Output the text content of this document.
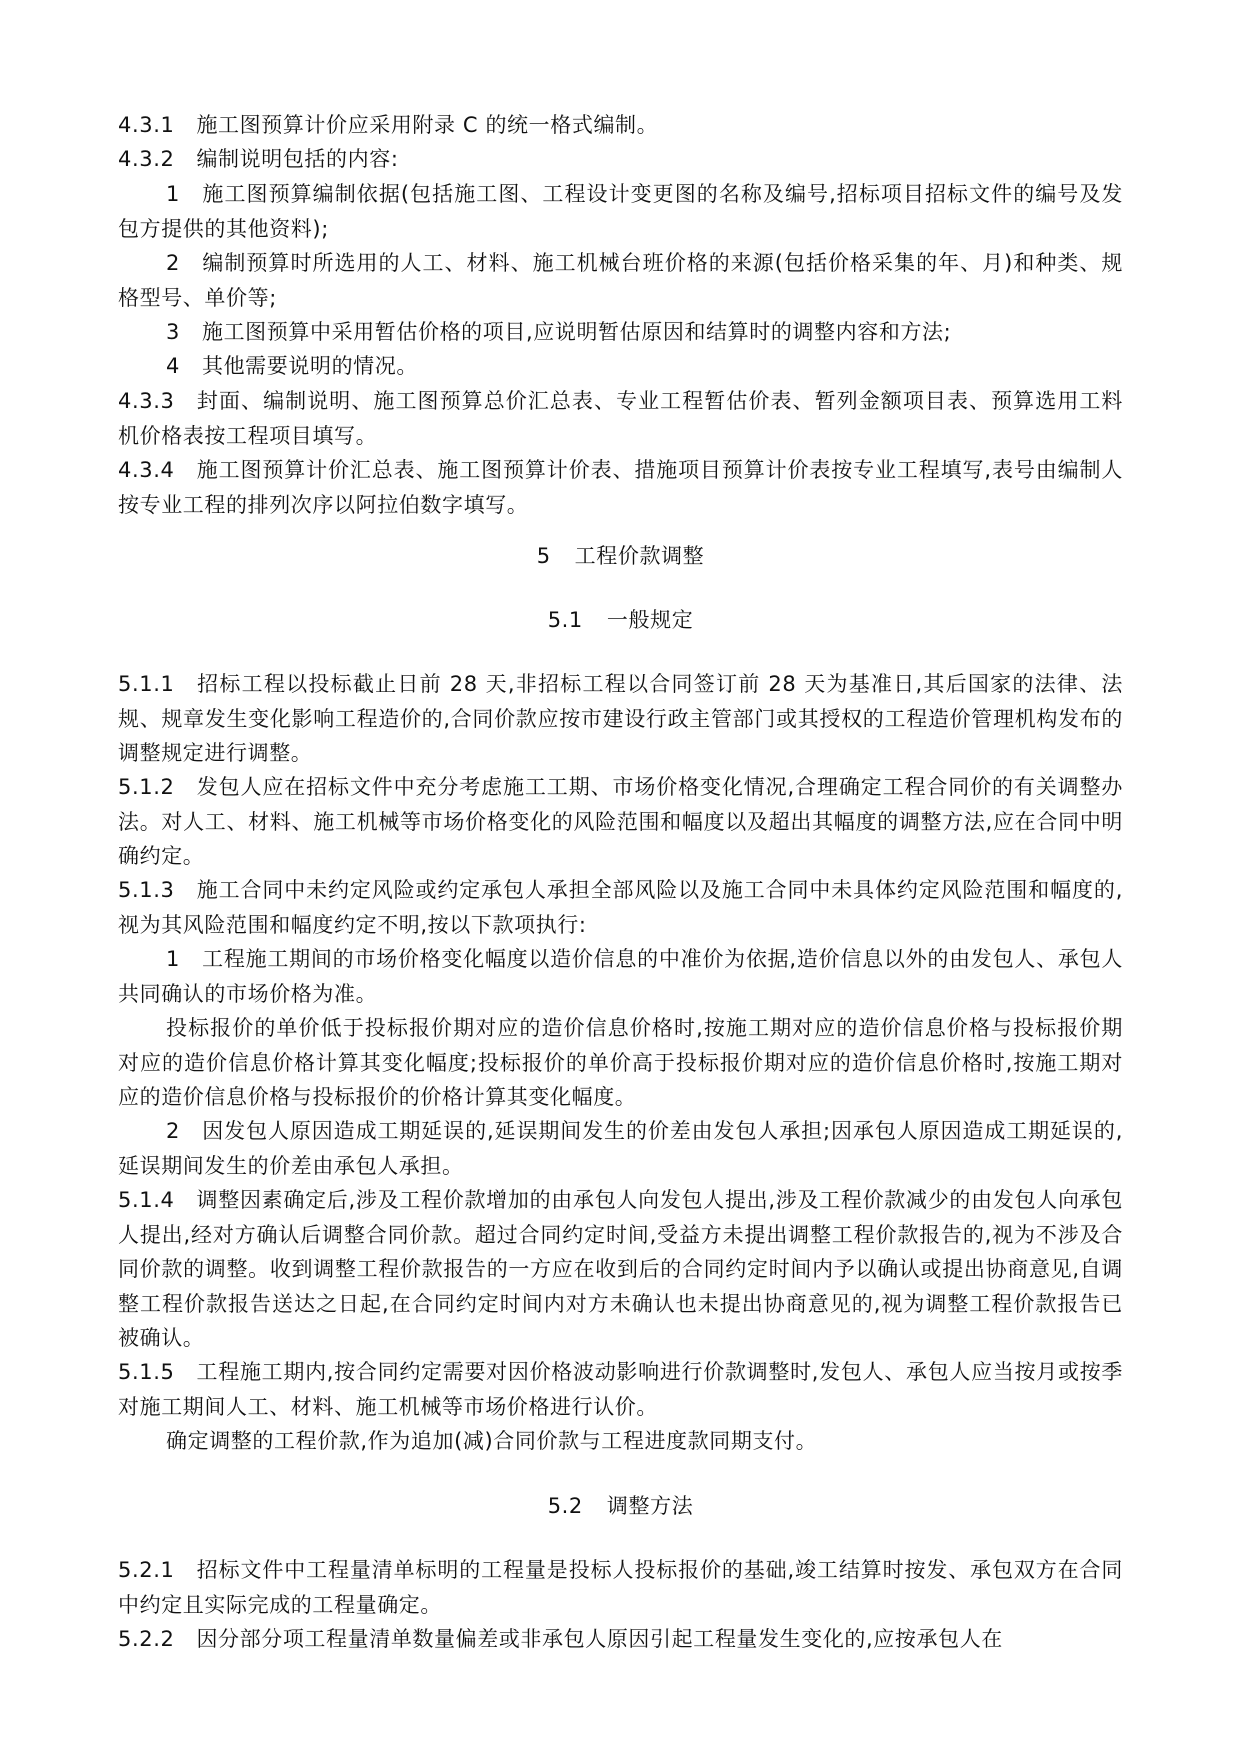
4.3.1 施工图预算计价应采用附录 C 的统一格式编制。

4.3.2 编制说明包括的内容:

1 施工图预算编制依据(包括施工图、工程设计变更图的名称及编号,招标项目招标文件的编号及发包方提供的其他资料);

2 编制预算时所选用的人工、材料、施工机械台班价格的来源(包括价格采集的年、月)和种类、规格型号、单价等;

3 施工图预算中采用暂估价格的项目,应说明暂估原因和结算时的调整内容和方法;

4 其他需要说明的情况。

4.3.3 封面、编制说明、施工图预算总价汇总表、专业工程暂估价表、暂列金额项目表、预算选用工料机价格表按工程项目填写。

4.3.4 施工图预算计价汇总表、施工图预算计价表、措施项目预算计价表按专业工程填写,表号由编制人按专业工程的排列次序以阿拉伯数字填写。

5 工程价款调整

5.1 一般规定

5.1.1 招标工程以投标截止日前 28 天,非招标工程以合同签订前 28 天为基准日,其后国家的法律、法规、规章发生变化影响工程造价的,合同价款应按市建设行政主管部门或其授权的工程造价管理机构发布的调整规定进行调整。

5.1.2 发包人应在招标文件中充分考虑施工工期、市场价格变化情况,合理确定工程合同价的有关调整办法。对人工、材料、施工机械等市场价格变化的风险范围和幅度以及超出其幅度的调整方法,应在合同中明确约定。

5.1.3 施工合同中未约定风险或约定承包人承担全部风险以及施工合同中未具体约定风险范围和幅度的,视为其风险范围和幅度约定不明,按以下款项执行:

1 工程施工期间的市场价格变化幅度以造价信息的中准价为依据,造价信息以外的由发包人、承包人共同确认的市场价格为准。

投标报价的单价低于投标报价期对应的造价信息价格时,按施工期对应的造价信息价格与投标报价期对应的造价信息价格计算其变化幅度;投标报价的单价高于投标报价期对应的造价信息价格时,按施工期对应的造价信息价格与投标报价的价格计算其变化幅度。

2 因发包人原因造成工期延误的,延误期间发生的价差由发包人承担;因承包人原因造成工期延误的,延误期间发生的价差由承包人承担。

5.1.4 调整因素确定后,涉及工程价款增加的由承包人向发包人提出,涉及工程价款减少的由发包人向承包人提出,经对方确认后调整合同价款。超过合同约定时间,受益方未提出调整工程价款报告的,视为不涉及合同价款的调整。收到调整工程价款报告的一方应在收到后的合同约定时间内予以确认或提出协商意见,自调整工程价款报告送达之日起,在合同约定时间内对方未确认也未提出协商意见的,视为调整工程价款报告已被确认。

5.1.5 工程施工期内,按合同约定需要对因价格波动影响进行价款调整时,发包人、承包人应当按月或按季对施工期间人工、材料、施工机械等市场价格进行认价。

确定调整的工程价款,作为追加(减)合同价款与工程进度款同期支付。

5.2 调整方法

5.2.1 招标文件中工程量清单标明的工程量是投标人投标报价的基础,竣工结算时按发、承包双方在合同中约定且实际完成的工程量确定。

5.2.2 因分部分项工程量清单数量偏差或非承包人原因引起工程量发生变化的,应按承包人在
